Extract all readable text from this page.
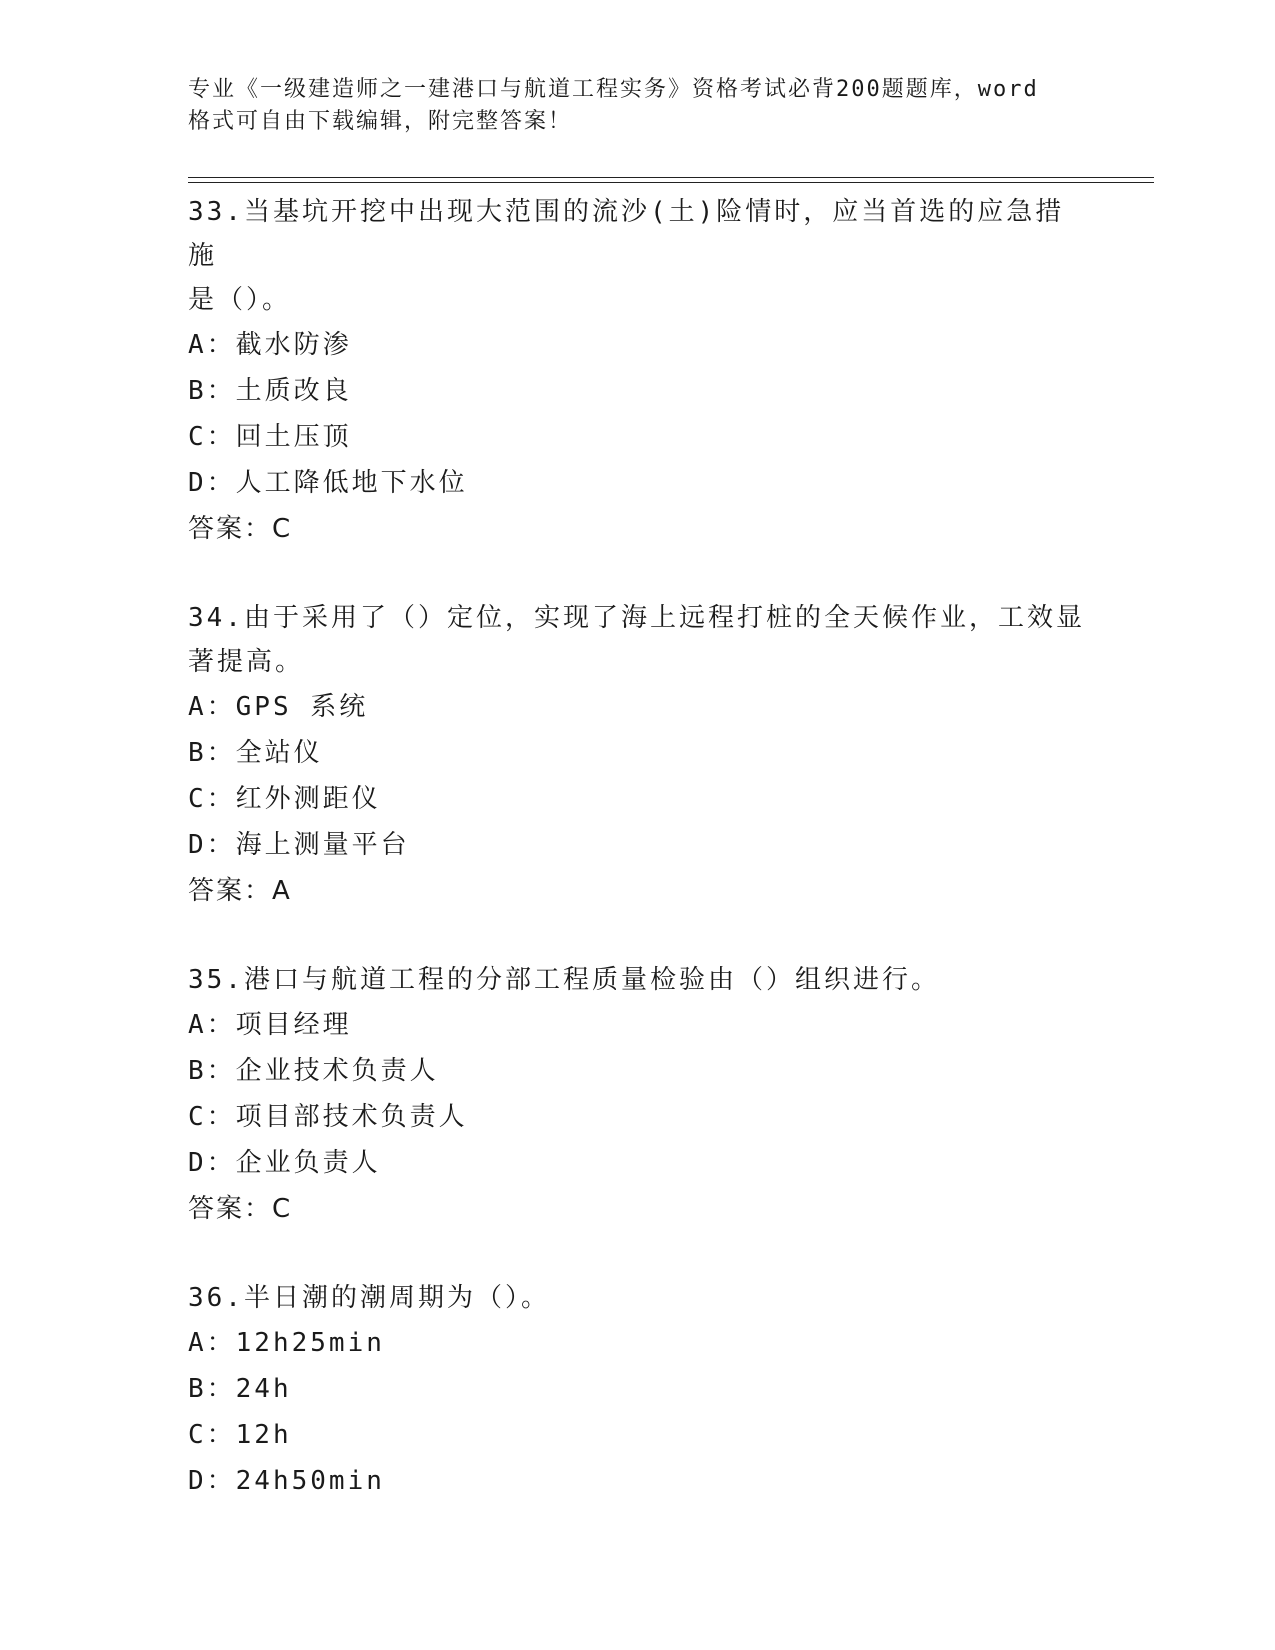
专业《一级建造师之一建港口与航道工程实务》资格考试必背200题题库，word
格式可自由下载编辑，附完整答案！

33.当基坑开挖中出现大范围的流沙(土)险情时，应当首选的应急措施

是（）。

A：截水防渗

B：土质改良

C：回土压顶

D：人工降低地下水位

答案：C

34.由于采用了（）定位，实现了海上远程打桩的全天候作业，工效显

著提高。

A：GPS 系统

B：全站仪

C：红外测距仪

D：海上测量平台

答案：A

35.港口与航道工程的分部工程质量检验由（）组织进行。

A：项目经理

B：企业技术负责人

C：项目部技术负责人

D：企业负责人

答案：C

36.半日潮的潮周期为（）。

A：12h25min

B：24h

C：12h

D：24h50min
